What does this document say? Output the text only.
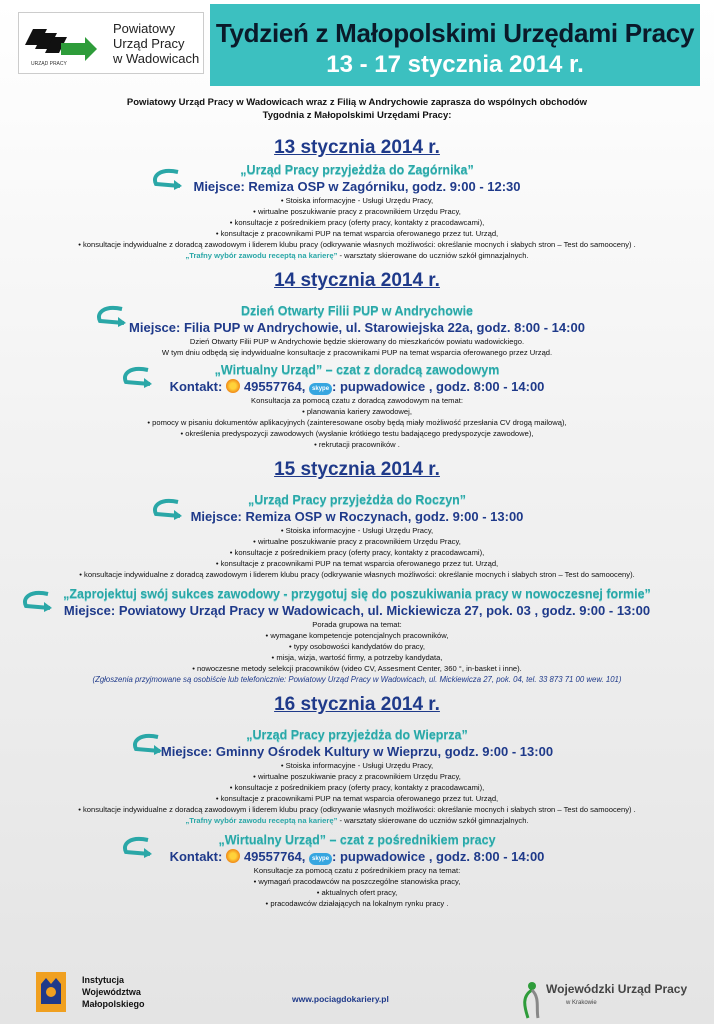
URZĄD PRACY
Powiatowy
Urząd Pracy
w Wadowicach
Tydzień z Małopolskimi Urzędami Pracy
13 - 17 stycznia 2014 r.
Powiatowy Urząd Pracy w Wadowicach wraz z Filią w Andrychowie zaprasza do wspólnych obchodów
Tygodnia z Małopolskimi Urzędami Pracy:
13 stycznia 2014 r.
„Urząd Pracy przyjeżdża do Zagórnika”
Miejsce: Remiza OSP w Zagórniku, godz. 9:00 - 12:30
• Stoiska informacyjne - Usługi Urzędu Pracy,
• wirtualne poszukiwanie pracy z pracownikiem Urzędu Pracy,
• konsultacje z pośrednikiem pracy (oferty pracy, kontakty z pracodawcami),
• konsultacje z pracownikami PUP na temat wsparcia oferowanego przez tut. Urząd,
• konsultacje indywidualne z doradcą zawodowym i liderem klubu pracy (odkrywanie własnych możliwości: określanie mocnych i słabych stron – Test do samooceny) .
„Trafny wybór zawodu receptą na karierę” - warsztaty skierowane do uczniów szkół gimnazjalnych.
14 stycznia 2014 r.
Dzień Otwarty Filii PUP w Andrychowie
Miejsce: Filia PUP w Andrychowie, ul. Starowiejska 22a, godz. 8:00 - 14:00
Dzień Otwarty Filii PUP w Andrychowie będzie skierowany do mieszkańców powiatu wadowickiego.
W tym dniu odbędą się indywidualne konsultacje z pracownikami PUP na temat wsparcia oferowanego przez Urząd.
„Wirtualny Urząd” – czat z doradcą zawodowym
Kontakt: 49557764, skype : pupwadowice , godz. 8:00 - 14:00
Konsultacja za pomocą czatu z doradcą zawodowym na temat:
• planowania kariery zawodowej,
• pomocy w pisaniu dokumentów aplikacyjnych (zainteresowane osoby będą miały możliwość przesłania CV drogą mailową),
• określenia predyspozycji zawodowych (wysłanie krótkiego testu badającego predyspozycje zawodowe),
• rekrutacji pracowników .
15 stycznia 2014 r.
„Urząd Pracy przyjeżdża do Roczyn”
Miejsce: Remiza OSP w Roczynach, godz. 9:00 - 13:00
• Stoiska informacyjne - Usługi Urzędu Pracy,
• wirtualne poszukiwanie pracy z pracownikiem Urzędu Pracy,
• konsultacje z pośrednikiem pracy (oferty pracy, kontakty z pracodawcami),
• konsultacje z pracownikami PUP na temat wsparcia oferowanego przez tut. Urząd,
• konsultacje indywidualne z doradcą zawodowym i liderem klubu pracy (odkrywanie własnych możliwości: określanie mocnych i słabych stron – Test do samooceny).
„Zaprojektuj swój sukces zawodowy - przygotuj się do poszukiwania pracy w nowoczesnej formie”
Miejsce: Powiatowy Urząd Pracy w Wadowicach, ul. Mickiewicza 27, pok. 03 , godz. 9:00 - 13:00
Porada grupowa na temat:
• wymagane kompetencje potencjalnych pracowników,
• typy osobowości kandydatów do pracy,
• misja, wizja, wartość firmy, a potrzeby kandydata,
• nowoczesne metody selekcji pracowników (video CV, Assesment Center, 360 °, in-basket i inne).
(Zgłoszenia przyjmowane są osobiście lub telefonicznie: Powiatowy Urząd Pracy w Wadowicach, ul. Mickiewicza 27, pok. 04, tel. 33 873 71 00 wew. 101)
16 stycznia 2014 r.
„Urząd Pracy przyjeżdża do Wieprza”
Miejsce: Gminny Ośrodek Kultury w Wieprzu, godz. 9:00 - 13:00
• Stoiska informacyjne - Usługi Urzędu Pracy,
• wirtualne poszukiwanie pracy z pracownikiem Urzędu Pracy,
• konsultacje z pośrednikiem pracy (oferty pracy, kontakty z pracodawcami),
• konsultacje z pracownikami PUP na temat wsparcia oferowanego przez tut. Urząd,
• konsultacje indywidualne z doradcą zawodowym i liderem klubu pracy (odkrywanie własnych możliwości: określanie mocnych i słabych stron – Test do samooceny) .
„Trafny wybór zawodu receptą na karierę” - warsztaty skierowane do uczniów szkół gimnazjalnych.
„Wirtualny Urząd” – czat z pośrednikiem pracy
Kontakt: 49557764, skype : pupwadowice , godz. 8:00 - 14:00
Konsultacje za pomocą czatu z pośrednikiem pracy na temat:
• wymagań pracodawców na poszczególne stanowiska pracy,
• aktualnych ofert pracy,
• pracodawców działających na lokalnym rynku pracy .
Instytucja
Województwa
Małopolskiego	www.pociagdokariery.pl
Wojewódzki Urząd Pracy
w Krakowie
